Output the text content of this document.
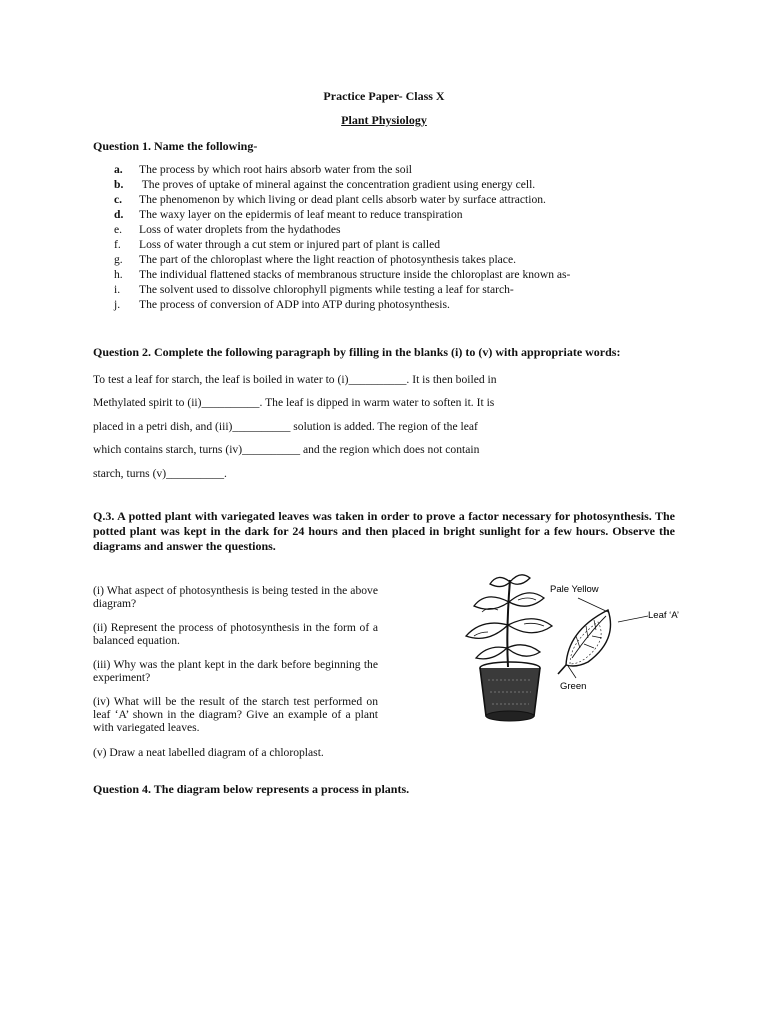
Practice Paper- Class X
Plant Physiology
Question 1. Name the following-
a.	The process by which root hairs absorb water from the soil
b.	The proves of uptake of mineral against the concentration gradient using energy cell.
c.	The phenomenon by which living or dead plant cells absorb water by surface attraction.
d.	The waxy layer on the epidermis of leaf meant to reduce transpiration
e.	Loss of water droplets from the hydathodes
f.	Loss of water through a cut stem or injured part of plant is called
g.	The part of the chloroplast where the light reaction of photosynthesis takes place.
h.	The individual flattened stacks of membranous structure inside the chloroplast are known as-
i.	The solvent used to dissolve chlorophyll pigments while testing a leaf for starch-
j.	The process of conversion of ADP into ATP during photosynthesis.
Question 2. Complete the following paragraph by filling in the blanks (i) to (v) with appropriate words:
To test a leaf for starch, the leaf is boiled in water to (i)__________. It is then boiled in
Methylated spirit to (ii)__________. The leaf is dipped in warm water to soften it. It is
placed in a petri dish, and (iii)__________ solution is added. The region of the leaf
which contains starch, turns (iv)__________ and the region which does not contain
starch, turns (v)__________.
Q.3. A potted plant with variegated leaves was taken in order to prove a factor necessary for photosynthesis. The potted plant was kept in the dark for 24 hours and then placed in bright sunlight for a few hours. Observe the diagrams and answer the questions.
(i) What aspect of photosynthesis is being tested in the above diagram?
(ii) Represent the process of photosynthesis in the form of a balanced equation.
(iii) Why was the plant kept in the dark before beginning the experiment?
(iv) What will be the result of the starch test performed on leaf ‘A’ shown in the diagram? Give an example of a plant with variegated leaves.
(v) Draw a neat labelled diagram of a chloroplast.
Pale Yellow
Leaf ‘A’
Green
Question 4. The diagram below represents a process in plants.
